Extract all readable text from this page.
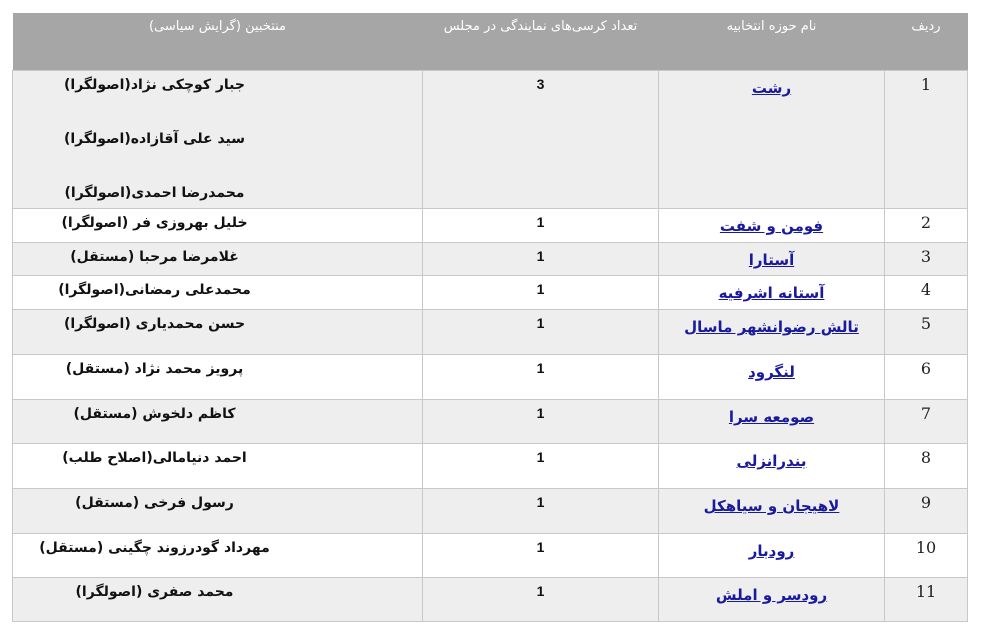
ردیف	نام حوزه انتخابیه	تعداد کرسی‌های نمایندگی در مجلس	منتخبین (گرایش سیاسی)
1	رشت	3	جبار کوچکی نژاد(اصولگرا)
سید علی آقازاده(اصولگرا)
محمدرضا احمدی(اصولگرا)

2	فومن و شفت	1	خلیل بهروزی فر (اصولگرا)

3	آستارا	1	غلامرضا مرحبا (مستقل)

4	آستانه اشرفیه	1	محمدعلی رمضانی(اصولگرا)

5	تالش رضوانشهر ماسال	1	حسن محمدیاری (اصولگرا)

6	لنگرود	1	پرویز محمد نژاد (مستقل)

7	صومعه سرا	1	کاظم دلخوش (مستقل)

8	بندرانزلی	1	احمد دنیامالی(اصلاح طلب)

9	لاهیجان و سیاهکل	1	رسول فرخی (مستقل)

10	رودبار	1	مهرداد گودرزوند چگینی (مستقل)

11	رودسر و املش	1	محمد صفری (اصولگرا)
